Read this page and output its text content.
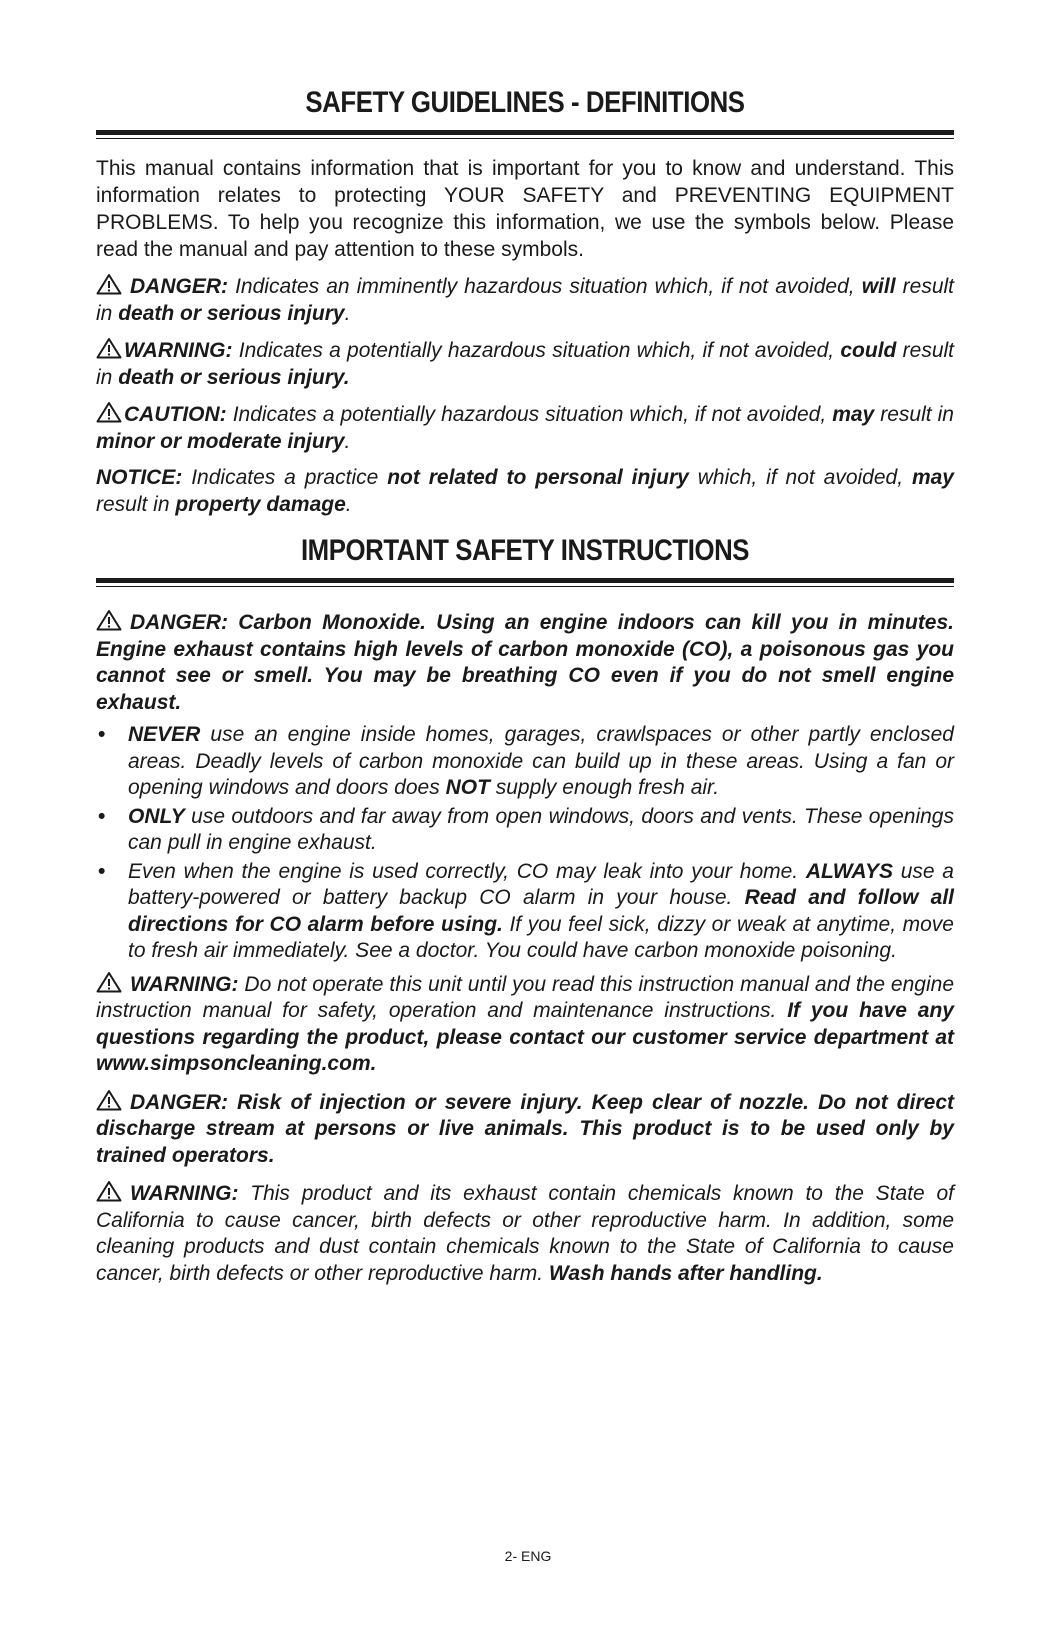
SAFETY GUIDELINES - DEFINITIONS

This manual contains information that is important for you to know and understand. This information relates to protecting YOUR SAFETY and PREVENTING EQUIPMENT PROBLEMS. To help you recognize this information, we use the symbols below. Please read the manual and pay attention to these symbols.

DANGER: Indicates an imminently hazardous situation which, if not avoided, will result in death or serious injury.

WARNING: Indicates a potentially hazardous situation which, if not avoided, could result in death or serious injury.

CAUTION: Indicates a potentially hazardous situation which, if not avoided, may result in minor or moderate injury.

NOTICE: Indicates a practice not related to personal injury which, if not avoided, may result in property damage.

IMPORTANT SAFETY INSTRUCTIONS

DANGER: Carbon Monoxide. Using an engine indoors can kill you in minutes. Engine exhaust contains high levels of carbon monoxide (CO), a poisonous gas you cannot see or smell. You may be breathing CO even if you do not smell engine exhaust.

• NEVER use an engine inside homes, garages, crawlspaces or other partly enclosed areas. Deadly levels of carbon monoxide can build up in these areas. Using a fan or opening windows and doors does NOT supply enough fresh air.
• ONLY use outdoors and far away from open windows, doors and vents. These openings can pull in engine exhaust.
• Even when the engine is used correctly, CO may leak into your home. ALWAYS use a battery-powered or battery backup CO alarm in your house. Read and follow all directions for CO alarm before using. If you feel sick, dizzy or weak at anytime, move to fresh air immediately. See a doctor. You could have carbon monoxide poisoning.

WARNING: Do not operate this unit until you read this instruction manual and the engine instruction manual for safety, operation and maintenance instructions. If you have any questions regarding the product, please contact our customer service department at www.simpsoncleaning.com.

DANGER: Risk of injection or severe injury. Keep clear of nozzle. Do not direct discharge stream at persons or live animals. This product is to be used only by trained operators.

WARNING: This product and its exhaust contain chemicals known to the State of California to cause cancer, birth defects or other reproductive harm. In addition, some cleaning products and dust contain chemicals known to the State of California to cause cancer, birth defects or other reproductive harm. Wash hands after handling.

2- ENG
